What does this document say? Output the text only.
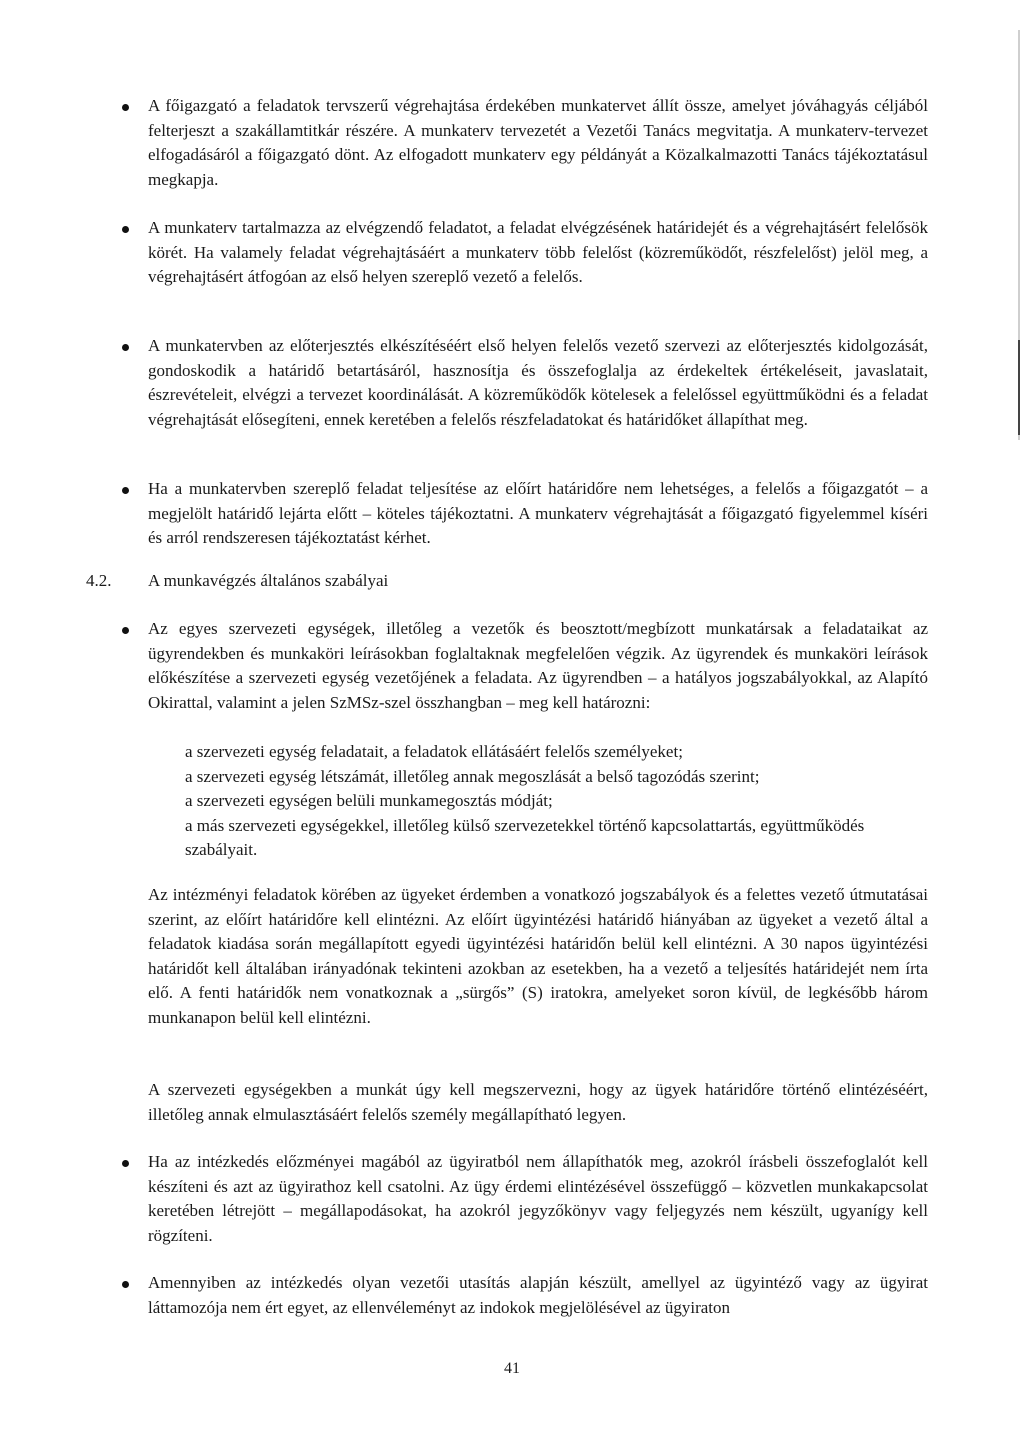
A főigazgató a feladatok tervszerű végrehajtása érdekében munkatervet állít össze, amelyet jóváhagyás céljából felterjeszt a szakállamtitkár részére. A munkaterv tervezetét a Vezetői Tanács megvitatja. A munkaterv-tervezet elfogadásáról a főigazgató dönt. Az elfogadott munkaterv egy példányát a Közalkalmazotti Tanács tájékoztatásul megkapja.

A munkaterv tartalmazza az elvégzendő feladatot, a feladat elvégzésének határidejét és a végrehajtásért felelősök körét. Ha valamely feladat végrehajtásáért a munkaterv több felelőst (közreműködőt, részfelelőst) jelöl meg, a végrehajtásért átfogóan az első helyen szereplő vezető a felelős.

A munkatervben az előterjesztés elkészítéséért első helyen felelős vezető szervezi az előterjesztés kidolgozását, gondoskodik a határidő betartásáról, hasznosítja és összefoglalja az érdekeltek értékeléseit, javaslatait, észrevételeit, elvégzi a tervezet koordinálását. A közreműködők kötelesek a felelőssel együttműködni és a feladat végrehajtását elősegíteni, ennek keretében a felelős részfeladatokat és határidőket állapíthat meg.

Ha a munkatervben szereplő feladat teljesítése az előírt határidőre nem lehetséges, a felelős a főigazgatót – a megjelölt határidő lejárta előtt – köteles tájékoztatni. A munkaterv végrehajtását a főigazgató figyelemmel kíséri és arról rendszeresen tájékoztatást kérhet.

4.2. A munkavégzés általános szabályai

Az egyes szervezeti egységek, illetőleg a vezetők és beosztott/megbízott munkatársak a feladataikat az ügyrendekben és munkaköri leírásokban foglaltaknak megfelelően végzik. Az ügyrendek és munkaköri leírások előkészítése a szervezeti egység vezetőjének a feladata. Az ügyrendben – a hatályos jogszabályokkal, az Alapító Okirattal, valamint a jelen SzMSz-szel összhangban – meg kell határozni:

a szervezeti egység feladatait, a feladatok ellátásáért felelős személyeket;
a szervezeti egység létszámát, illetőleg annak megoszlását a belső tagozódás szerint;
a szervezeti egységen belüli munkamegosztás módját;
a más szervezeti egységekkel, illetőleg külső szervezetekkel történő kapcsolattartás, együttműködés szabályait.

Az intézményi feladatok körében az ügyeket érdemben a vonatkozó jogszabályok és a felettes vezető útmutatásai szerint, az előírt határidőre kell elintézni. Az előírt ügyintézési határidő hiányában az ügyeket a vezető által a feladatok kiadása során megállapított egyedi ügyintézési határidőn belül kell elintézni. A 30 napos ügyintézési határidőt kell általában irányadónak tekinteni azokban az esetekben, ha a vezető a teljesítés határidejét nem írta elő. A fenti határidők nem vonatkoznak a „sürgős” (S) iratokra, amelyeket soron kívül, de legkésőbb három munkanapon belül kell elintézni.

A szervezeti egységekben a munkát úgy kell megszervezni, hogy az ügyek határidőre történő elintézéséért, illetőleg annak elmulasztásáért felelős személy megállapítható legyen.

Ha az intézkedés előzményei magából az ügyiratból nem állapíthatók meg, azokról írásbeli összefoglalót kell készíteni és azt az ügyirathoz kell csatolni. Az ügy érdemi elintézésével összefüggő – közvetlen munkakapcsolat keretében létrejött – megállapodásokat, ha azokról jegyzőkönyv vagy feljegyzés nem készült, ugyanígy kell rögzíteni.

Amennyiben az intézkedés olyan vezetői utasítás alapján készült, amellyel az ügyintéző vagy az ügyirat láttamozója nem ért egyet, az ellenvéleményt az indokok megjelölésével az ügyiraton

41
